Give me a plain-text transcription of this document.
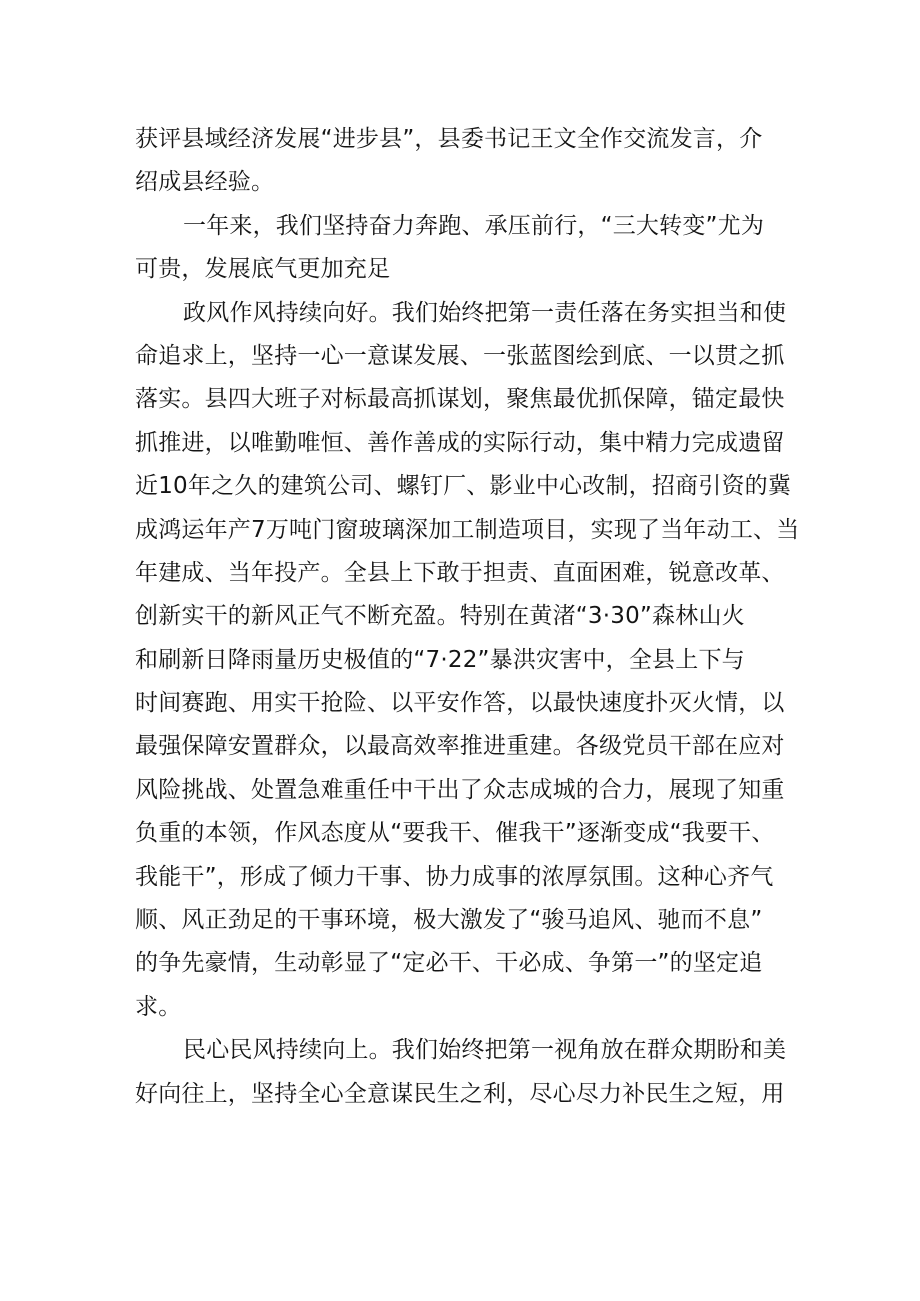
获评县域经济发展“进步县”，县委书记王文全作交流发言，介
绍成县经验。
一年来，我们坚持奋力奔跑、承压前行，“三大转变”尤为
可贵，发展底气更加充足
政风作风持续向好。我们始终把第一责任落在务实担当和使
命追求上，坚持一心一意谋发展、一张蓝图绘到底、一以贯之抓
落实。县四大班子对标最高抓谋划，聚焦最优抓保障，锚定最快
抓推进，以唯勤唯恒、善作善成的实际行动，集中精力完成遗留
近10年之久的建筑公司、螺钉厂、影业中心改制，招商引资的冀
成鸿运年产7万吨门窗玻璃深加工制造项目，实现了当年动工、当
年建成、当年投产。全县上下敢于担责、直面困难，锐意改革、
创新实干的新风正气不断充盈。特别在黄渚“3·30”森林山火
和刷新日降雨量历史极值的“7·22”暴洪灾害中，全县上下与
时间赛跑、用实干抢险、以平安作答，以最快速度扑灭火情，以
最强保障安置群众，以最高效率推进重建。各级党员干部在应对
风险挑战、处置急难重任中干出了众志成城的合力，展现了知重
负重的本领，作风态度从“要我干、催我干”逐渐变成“我要干、
我能干”，形成了倾力干事、协力成事的浓厚氛围。这种心齐气
顺、风正劲足的干事环境，极大激发了“骏马追风、驰而不息”
的争先豪情，生动彰显了“定必干、干必成、争第一”的坚定追
求。
民心民风持续向上。我们始终把第一视角放在群众期盼和美
好向往上，坚持全心全意谋民生之利，尽心尽力补民生之短，用
